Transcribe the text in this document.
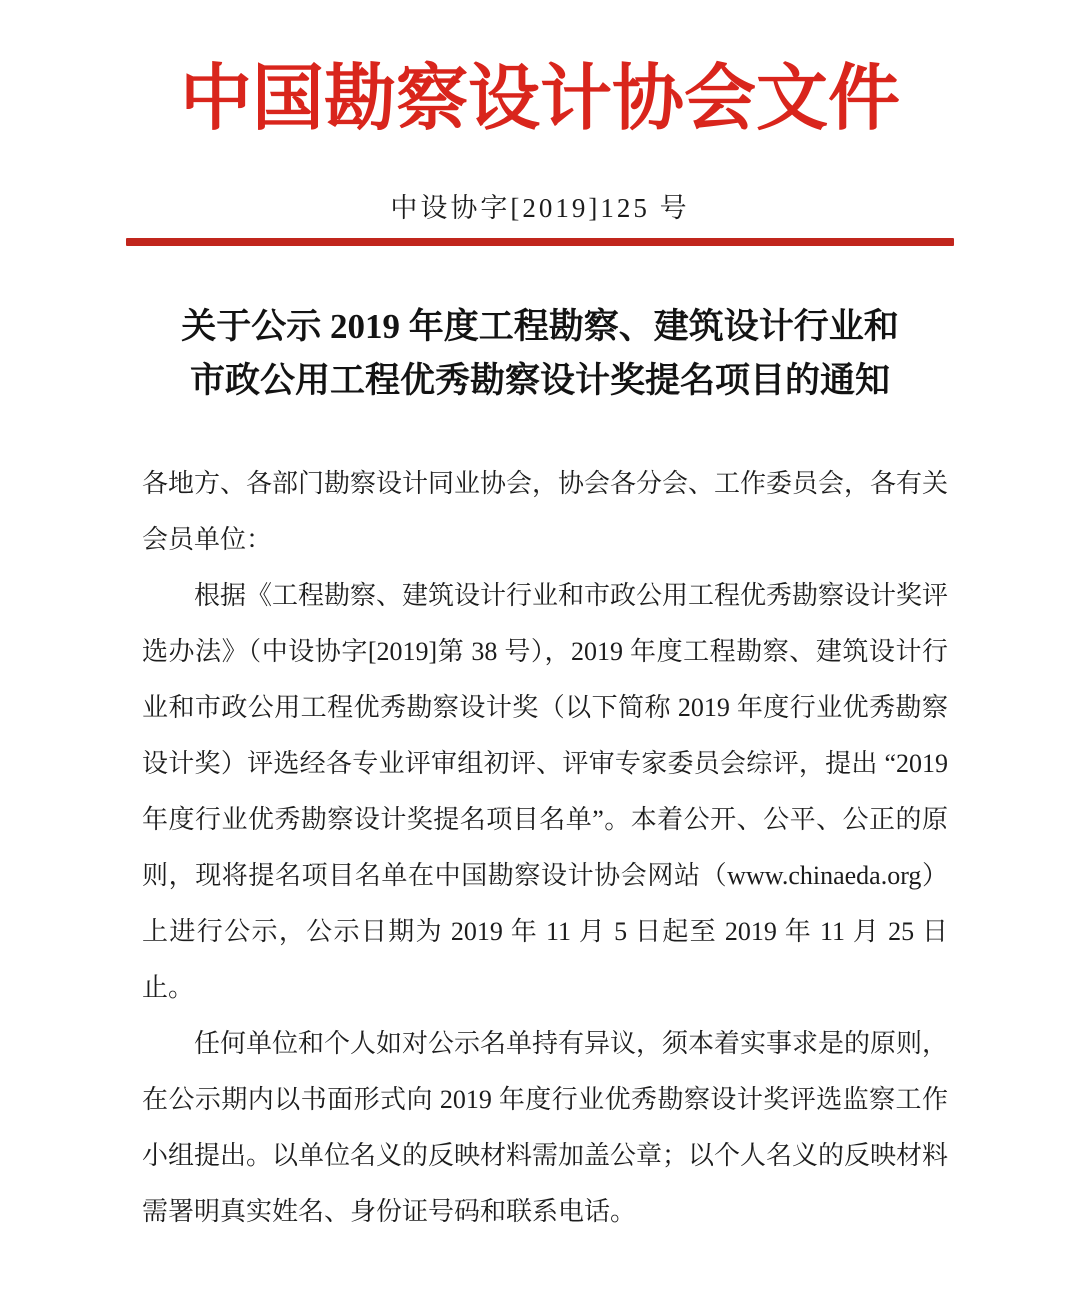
中国勘察设计协会文件
中设协字[2019]125 号
关于公示 2019 年度工程勘察、建筑设计行业和
市政公用工程优秀勘察设计奖提名项目的通知

各地方、各部门勘察设计同业协会，协会各分会、工作委员会，各有关会员单位：

根据《工程勘察、建筑设计行业和市政公用工程优秀勘察设计奖评选办法》（中设协字[2019]第 38 号），2019 年度工程勘察、建筑设计行业和市政公用工程优秀勘察设计奖（以下简称 2019 年度行业优秀勘察设计奖）评选经各专业评审组初评、评审专家委员会综评，提出 “2019 年度行业优秀勘察设计奖提名项目名单”。本着公开、公平、公正的原则，现将提名项目名单在中国勘察设计协会网站（www.chinaeda.org）上进行公示，公示日期为 2019 年 11 月 5 日起至 2019 年 11 月 25 日止。

任何单位和个人如对公示名单持有异议，须本着实事求是的原则，在公示期内以书面形式向 2019 年度行业优秀勘察设计奖评选监察工作小组提出。以单位名义的反映材料需加盖公章；以个人名义的反映材料需署明真实姓名、身份证号码和联系电话。
